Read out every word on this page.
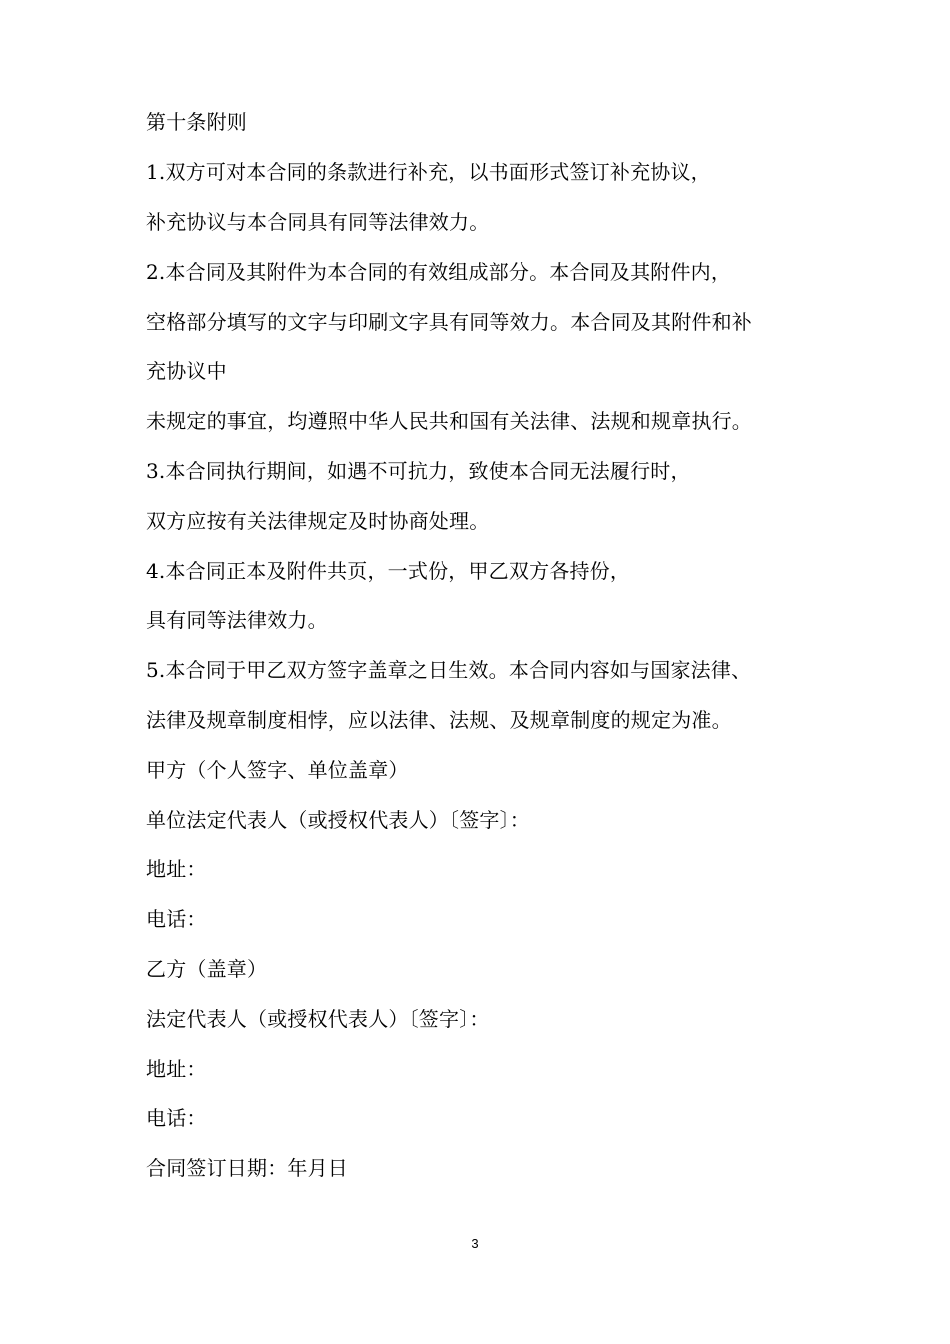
第十条附则
1.双方可对本合同的条款进行补充，以书面形式签订补充协议，
补充协议与本合同具有同等法律效力。
2.本合同及其附件为本合同的有效组成部分。本合同及其附件内，
空格部分填写的文字与印刷文字具有同等效力。本合同及其附件和补
充协议中
未规定的事宜，均遵照中华人民共和国有关法律、法规和规章执行。
3.本合同执行期间，如遇不可抗力，致使本合同无法履行时，
双方应按有关法律规定及时协商处理。
4.本合同正本及附件共页，一式份，甲乙双方各持份，
具有同等法律效力。
5.本合同于甲乙双方签字盖章之日生效。本合同内容如与国家法律、
法律及规章制度相悖，应以法律、法规、及规章制度的规定为准。
甲方（个人签字、单位盖章）
单位法定代表人（或授权代表人）〔签字〕：
地址：
电话：
乙方（盖章）
法定代表人（或授权代表人）〔签字〕：
地址：
电话：
合同签订日期：年月日
3
